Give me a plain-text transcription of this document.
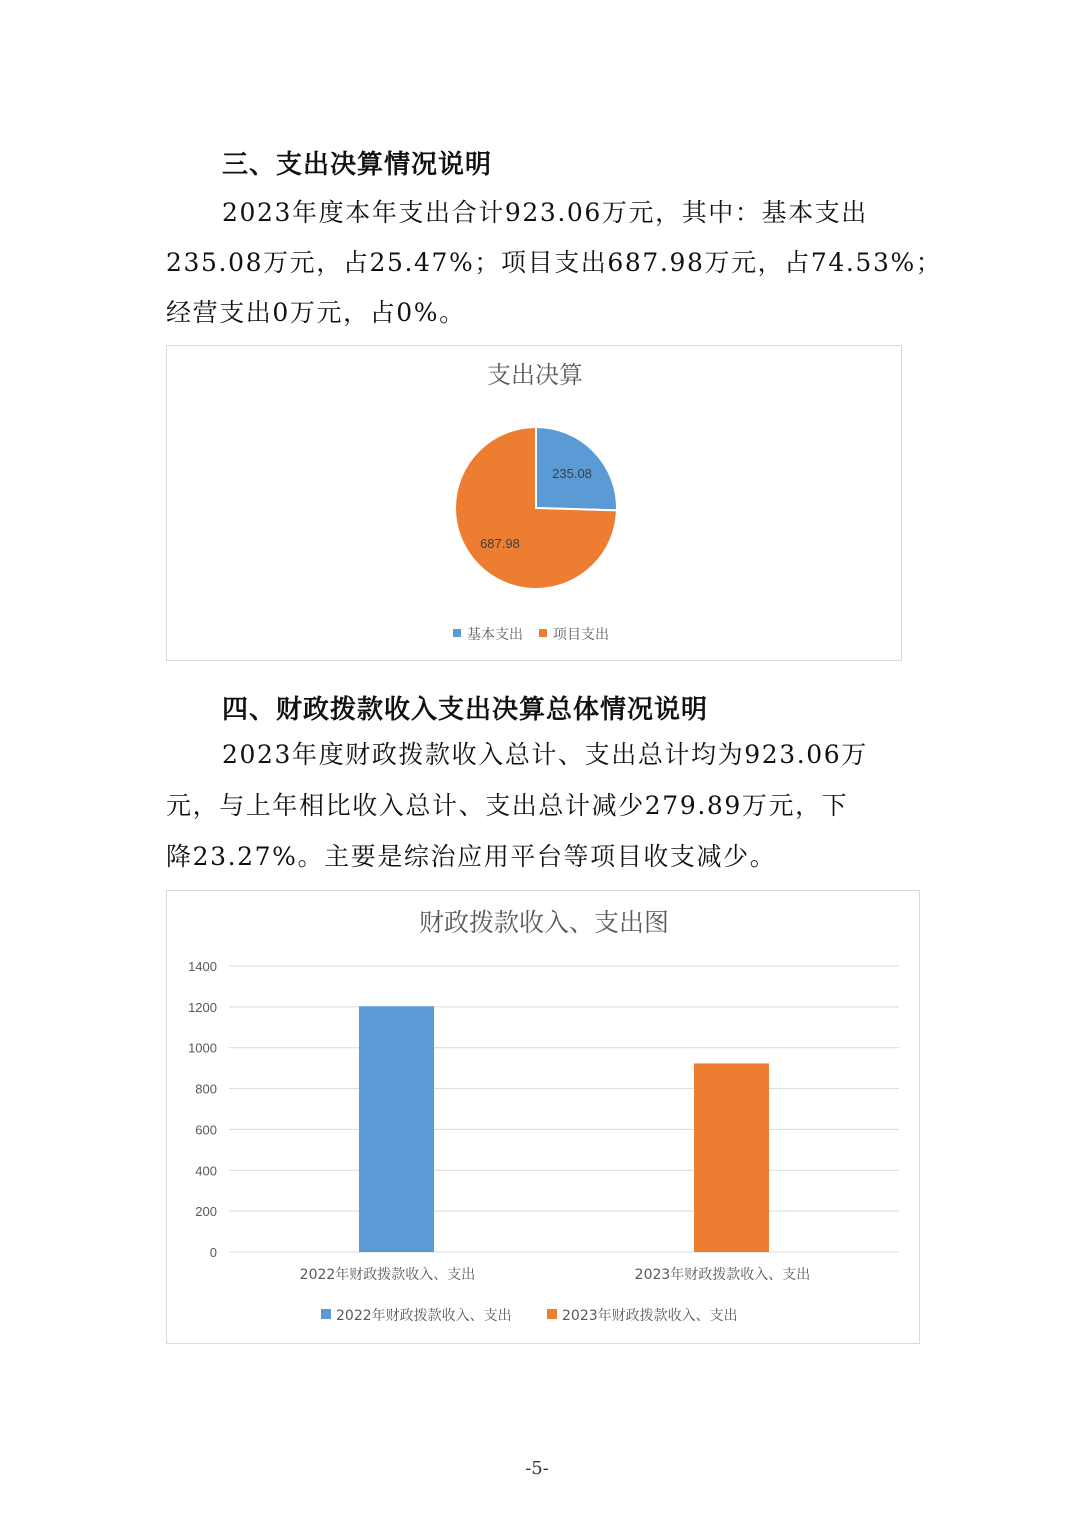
三、支出决算情况说明
2023年度本年支出合计923.06万元，其中：基本支出
235.08万元，占25.47%；项目支出687.98万元，占74.53%；
经营支出0万元，占0%。
支出决算
235.08
687.98
基本支出 项目支出
四、财政拨款收入支出决算总体情况说明
2023年度财政拨款收入总计、支出总计均为923.06万
元，与上年相比收入总计、支出总计减少279.89万元，下
降23.27%。主要是综治应用平台等项目收支减少。
财政拨款收入、支出图
1400
1200
1000
800
600
400
200
0
2022年财政拨款收入、支出	2023年财政拨款收入、支出
2022年财政拨款收入、支出	2023年财政拨款收入、支出
-5-
